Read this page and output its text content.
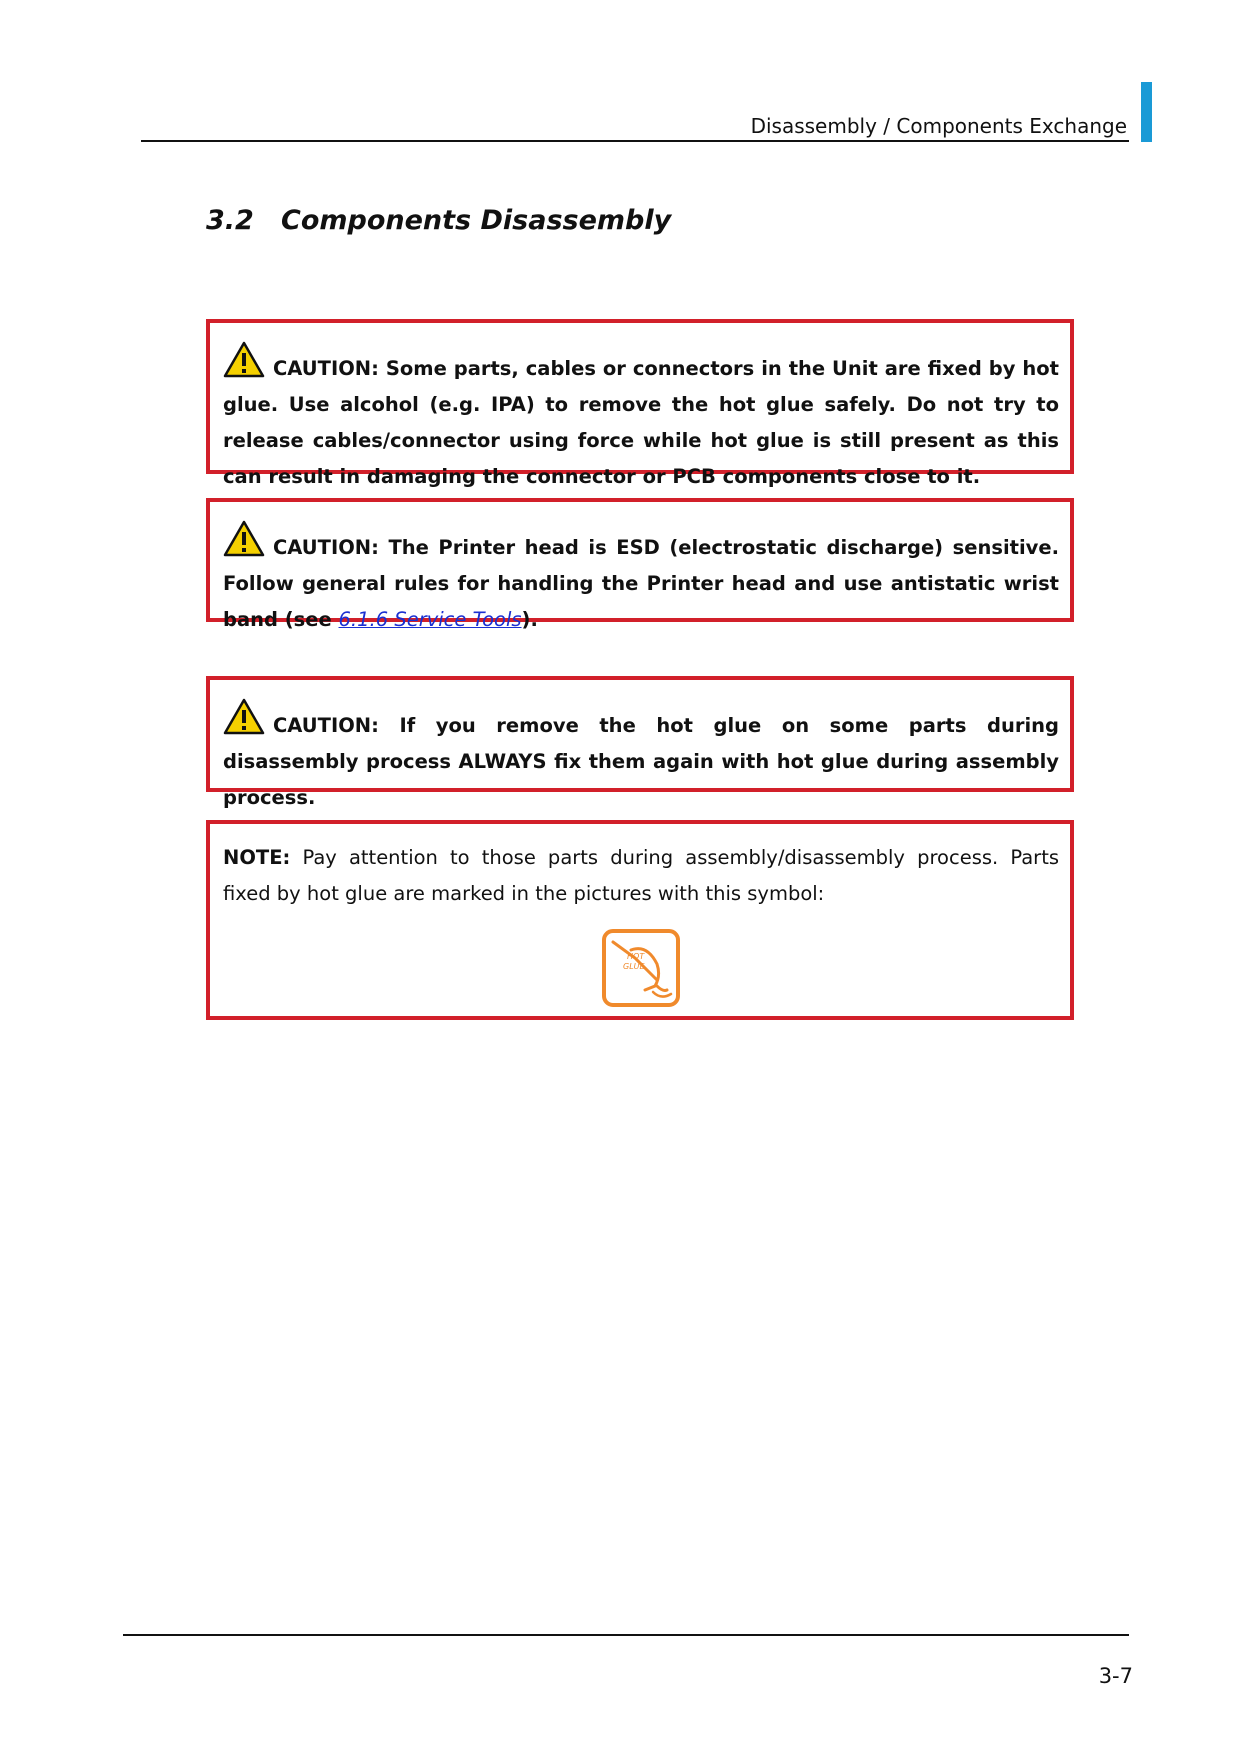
Disassembly / Components Exchange
3.2 Components Disassembly

CAUTION: Some parts, cables or connectors in the Unit are fixed by hot glue. Use alcohol (e.g. IPA) to remove the hot glue safely. Do not try to release cables/connector using force while hot glue is still present as this can result in damaging the connector or PCB components close to it.

CAUTION: The Printer head is ESD (electrostatic discharge) sensitive. Follow general rules for handling the Printer head and use antistatic wrist band (see 6.1.6 Service Tools).

CAUTION: If you remove the hot glue on some parts during disassembly process ALWAYS fix them again with hot glue during assembly process.

NOTE: Pay attention to those parts during assembly/disassembly process. Parts fixed by hot glue are marked in the pictures with this symbol:

HOT
GLUE
3-7
